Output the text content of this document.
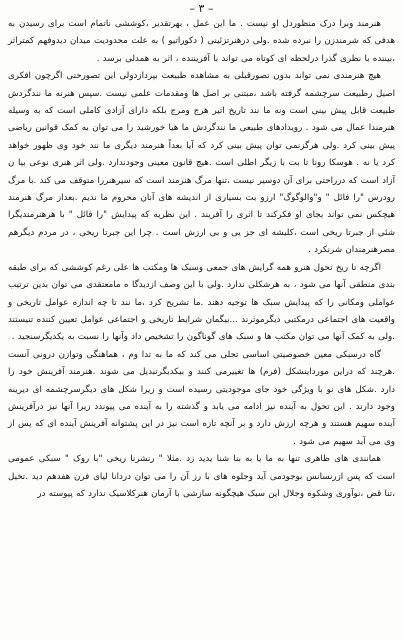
– ۳ –

هنرمند وبرا درک منظوردل او نیست . ما این عمل ، بهرتقدیر ،کوششی ناتمام است برای رسیدن به هدفی که شرمندزن را نبرده شده .ولی درهنرتزئینی ( دکوراتیو ) به علت محدودیت میدان دیدوفهم کمتراثر ،بیننده با نظری گذرا درلحظه ای کوتاه می تواند با آفریننده ، اثر به همدلی برسد .

هیچ هنرمندی نمی تواند بدون تصورقبلی به مشاهده طبیعت بپردازدولی این تصورحتی اگرچون افکری اصیل رطبیعت سرچشمه گرفته باشد ،مبتنی بر اصل ها ومقدمات علمی نیست .سپس هنرنه ما نندگردش طبیعت قابل پیش بینی است ونه ما نند تاریخ اثیر هرج ومرج بلکه دارای آزادی کاملی است که به وسیله هنرمندا عمال می شود . رویدادهای طبیعی ما نندگردش ما هیا خورشید را می توان به کمک قوانین ریاضی پیش بینی کرد .ولی هرگزنمی توان پیش بینی کرد که آیا بعداً هنرمند دیگری ما نند خود وی ظهور خواهد کرد یا نه . هوسکا رونا تا بت با زیگر اطلی است .هیچ قانون معینی وجودندارد .ولی اثر هنری نوعی بیا ن آزاد است که درراحتی برای آن دوسیر نیست ،تنها مرگ هنرمند است که سیرهنررا متوقف می کند .با مرگ رودرس "را فائل " و"والوگوگ" ارزو بت بسیاری از اندیشه های آنان محروم ما ندیم .بعداز مرگ هنرمند هیچکس نمی تواند بجای او فکرکند تا اثری را آفریند . این نظریه که پیدایش "را فائل " با هرهنرمندیگرا شئی از جبرتا ریخی است ،کلیشه ای جز یی و بی ارزش است . چرا این جبرتا ریخی ، در مردم دیگرهم مصرهنرمندان شرنکرد .

اگرچه تا ریخ تحول هنرو همه گرایش های جمعی وسبک ها ومکتب ها علی رغم کوششی که برای طبقه بندی منطقی آنها می شود ، به هرشکلی ندارد .ولی با این وصف ازدیدگا ه مامعتقدی می توان بدین ترتیب عواملی ومکانی را که پیدایش سبک ها توجیه دهند .ما تشریح کرد ،ما نند تا چه اندازه عوامل تاریخی و واقعیت های اجتماعی درمکتبی دیگرموثرند ...بیگمان شرایط تاریخی و اجتماعی عوامل تعیین کننده تنیستند .ولی به کمک آنها می توان مکتب ها و سبک های گوناگون را تشخیص داد وآنها را نسبت به یکدیگرسنجید .

گاه درسبکی معین خصوصیتی اساسی تجلی می کند که ما به تدا وم ، هماهنگی وتوازن درونی آنست .هرچند که دراین مورداینشکل (فرم) ها تغییرمی کنند و بیکدیگرتبدیل می شوند .هنرمند آفرینش خود را دارد .شکل های نو با ویژگی خود جای موجودیتی رسیده است و زیرا شکل های دیگرسرچشمه ای دیرینه وجود دارند . این تحول به آینده نیز ادامه می یابد و گذشته را به آینده می پیوندد زیرا آنها نیز درآفرینش آینده سهیم هستند و هرچه ارزش دارد و بر آنچه تازه است نیز در این پشتوانه آفرینش آینده ای که پس از وی می آید سهیم می شود .

همانندی های ظاهری تنها به ما یا به بنا شنا یدید زد .مثلا " رنشرنا ریخی "با روک " سبکی عمومی است که پس ازرنسانس بوجودمی آید وجلوه های با رز آن را می توان دردانا لیای فرن هفدهم دید .تخیل ،تنا قض ،نوآوری وشکوه وجلال این سبک هیچگونه سازشی با آرمان هنرکلاسیک ندارد که پیوسته در
